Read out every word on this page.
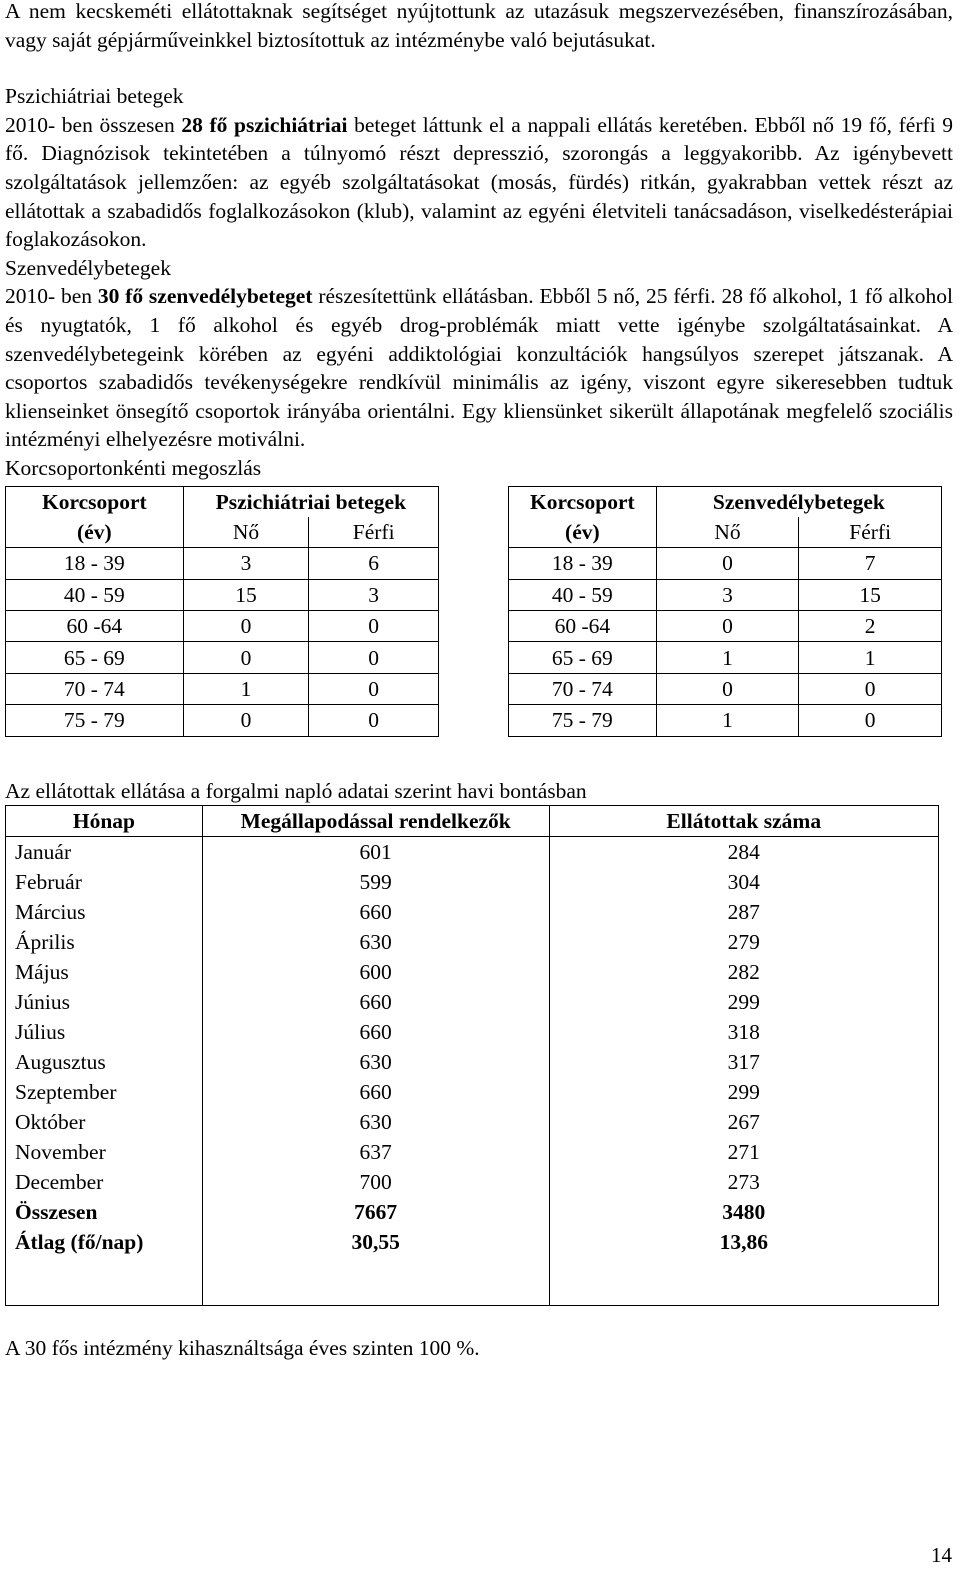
A nem kecskeméti ellátottaknak segítséget nyújtottunk az utazásuk megszervezésében, finanszírozásában, vagy saját gépjárműveinkkel biztosítottuk az intézménybe való bejutásukat.

Pszichiátriai betegek

2010- ben összesen 28 fő pszichiátriai beteget láttunk el a nappali ellátás keretében. Ebből nő 19 fő, férfi 9 fő. Diagnózisok tekintetében a túlnyomó részt depresszió, szorongás a leggyakoribb. Az igénybevett szolgáltatások jellemzően: az egyéb szolgáltatásokat (mosás, fürdés) ritkán, gyakrabban vettek részt az ellátottak a szabadidős foglalkozásokon (klub), valamint az egyéni életviteli tanácsadáson, viselkedésterápiai foglakozásokon.

Szenvedélybetegek

2010- ben 30 fő szenvedélybeteget részesítettünk ellátásban. Ebből 5 nő, 25 férfi. 28 fő alkohol, 1 fő alkohol és nyugtatók, 1 fő alkohol és egyéb drog-problémák miatt vette igénybe szolgáltatásainkat. A szenvedélybetegeink körében az egyéni addiktológiai konzultációk hangsúlyos szerepet játszanak. A csoportos szabadidős tevékenységekre rendkívül minimális az igény, viszont egyre sikeresebben tudtuk klienseinket önsegítő csoportok irányába orientálni. Egy kliensünket sikerült állapotának megfelelő szociális intézményi elhelyezésre motiválni.

Korcsoportonkénti megoszlás

Korcsoport	Pszichiátriai betegek	
(év)	Nő	Férfi
18 - 39	3	6
40 - 59	15	3
60 -64	0	0
65 - 69	0	0
70 - 74	1	0
75 - 79	0	0
Korcsoport	Szenvedélybetegek	
(év)	Nő	Férfi
18 - 39	0	7
40 - 59	3	15
60 -64	0	2
65 - 69	1	1
70 - 74	0	0
75 - 79	1	0

Az ellátottak ellátása a forgalmi napló adatai szerint havi bontásban

Hónap	Megállapodással rendelkezők	Ellátottak száma
Január	601	284
Február	599	304
Március	660	287
Április	630	279
Május	600	282
Június	660	299
Július	660	318
Augusztus	630	317
Szeptember	660	299
Október	630	267
November	637	271
December	700	273
Összesen	7667	3480
Átlag (fő/nap)	30,55	13,86

A 30 fős intézmény kihasználtsága éves szinten 100 %.

14
